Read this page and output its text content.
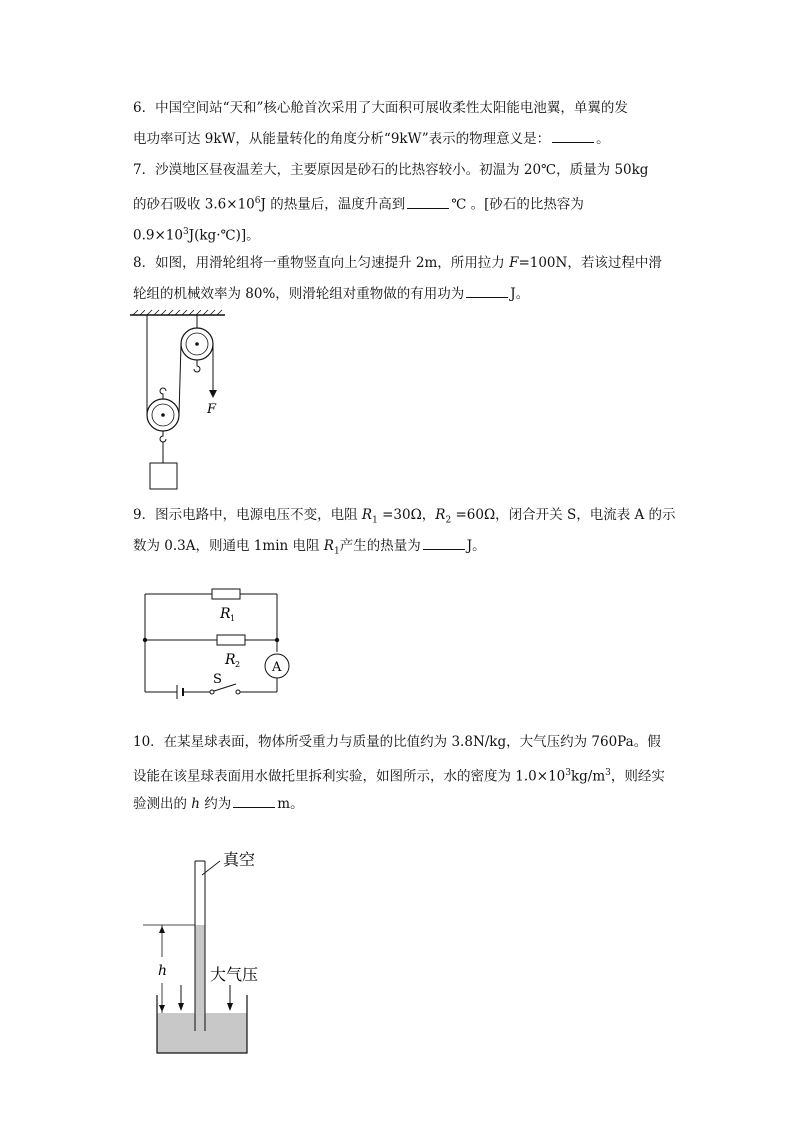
6．中国空间站“天和”核心舱首次采用了大面积可展收柔性太阳能电池翼，单翼的发
电功率可达 9kW，从能量转化的角度分析“9kW”表示的物理意义是：	。
7．沙漠地区昼夜温差大，主要原因是砂石的比热容较小。初温为 20℃，质量为 50kg
的砂石吸收 $3.6\times 10^6J$ 的热量后，温度升高到	℃ 。[砂石的比热容为
$0.9\times 10^3J(kg\cdot℃)$]。
8．如图，用滑轮组将一重物竖直向上匀速提升 2m，所用拉力 F=100N，若该过程中滑
轮组的机械效率为 80%，则滑轮组对重物做的有用功为	J。
F
9．图示电路中，电源电压不变，电阻 $R_1 =30\Omega$，$R_2 =60\Omega$，闭合开关 S，电流表 A 的示
数为 0.3A，则通电 1min 电阻 $R_1$产生的热量为	J。
R 1
R 2
S
A
10．在某星球表面，物体所受重力与质量的比值约为 3.8N/kg，大气压约为 760Pa。假
设能在该星球表面用水做托里拆利实验，如图所示，水的密度为 $1.0\times 10^3kg/m^3$，则经实
验测出的 h 约为	m。
真空
h	大气压
